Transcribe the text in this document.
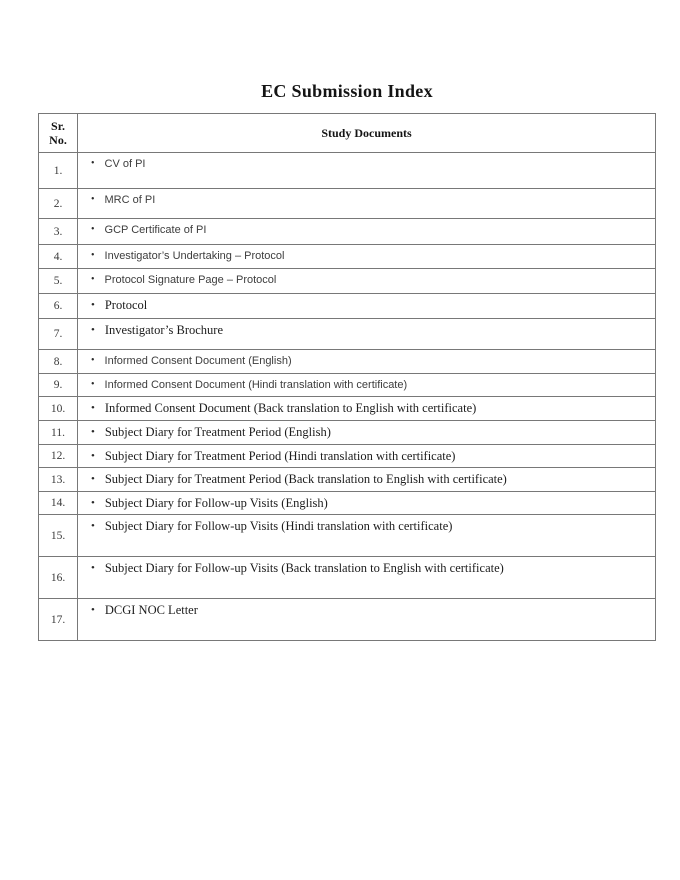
EC Submission Index
Sr.
No.	Study Documents
1.	• CV of PI

2.	• MRC of PI

3.	• GCP Certificate of PI

4.	• Investigator’s Undertaking – Protocol

5.	• Protocol Signature Page – Protocol

6.	• Protocol

7.	• Investigator’s Brochure

8.	• Informed Consent Document (English)

9.	• Informed Consent Document (Hindi translation with certificate)

10.	• Informed Consent Document (Back translation to English with certificate)

11.	• Subject Diary for Treatment Period (English)

12.	• Subject Diary for Treatment Period (Hindi translation with certificate)

13.	• Subject Diary for Treatment Period (Back translation to English with certificate)

14.	• Subject Diary for Follow-up Visits (English)

15.	• Subject Diary for Follow-up Visits (Hindi translation with certificate)

16.	• Subject Diary for Follow-up Visits (Back translation to English with certificate)

17.	• DCGI NOC Letter
